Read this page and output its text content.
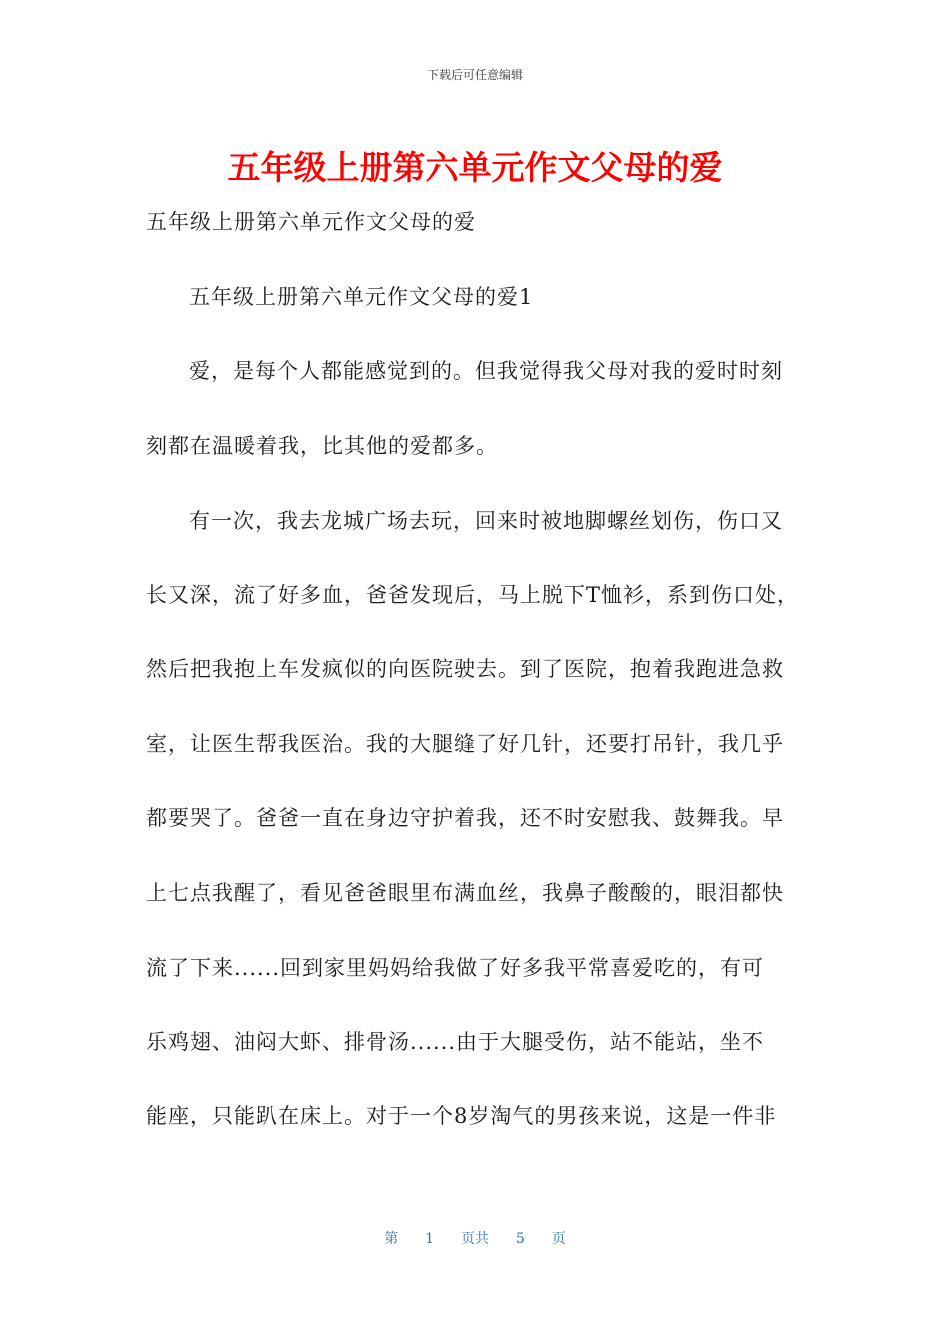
下载后可任意编辑
五年级上册第六单元作文父母的爱
五年级上册第六单元作文父母的爱
五年级上册第六单元作文父母的爱1
爱，是每个人都能感觉到的。但我觉得我父母对我的爱时时刻
刻都在温暖着我，比其他的爱都多。
有一次，我去龙城广场去玩，回来时被地脚螺丝划伤，伤口又
长又深，流了好多血，爸爸发现后，马上脱下T恤衫，系到伤口处，
然后把我抱上车发疯似的向医院驶去。到了医院，抱着我跑进急救
室，让医生帮我医治。我的大腿缝了好几针，还要打吊针，我几乎
都要哭了。爸爸一直在身边守护着我，还不时安慰我、鼓舞我。早
上七点我醒了，看见爸爸眼里布满血丝，我鼻子酸酸的，眼泪都快
流了下来......回到家里妈妈给我做了好多我平常喜爱吃的，有可
乐鸡翅、油闷大虾、排骨汤......由于大腿受伤，站不能站，坐不
能座，只能趴在床上。对于一个8岁淘气的男孩来说，这是一件非
第 1 页共 5 页
